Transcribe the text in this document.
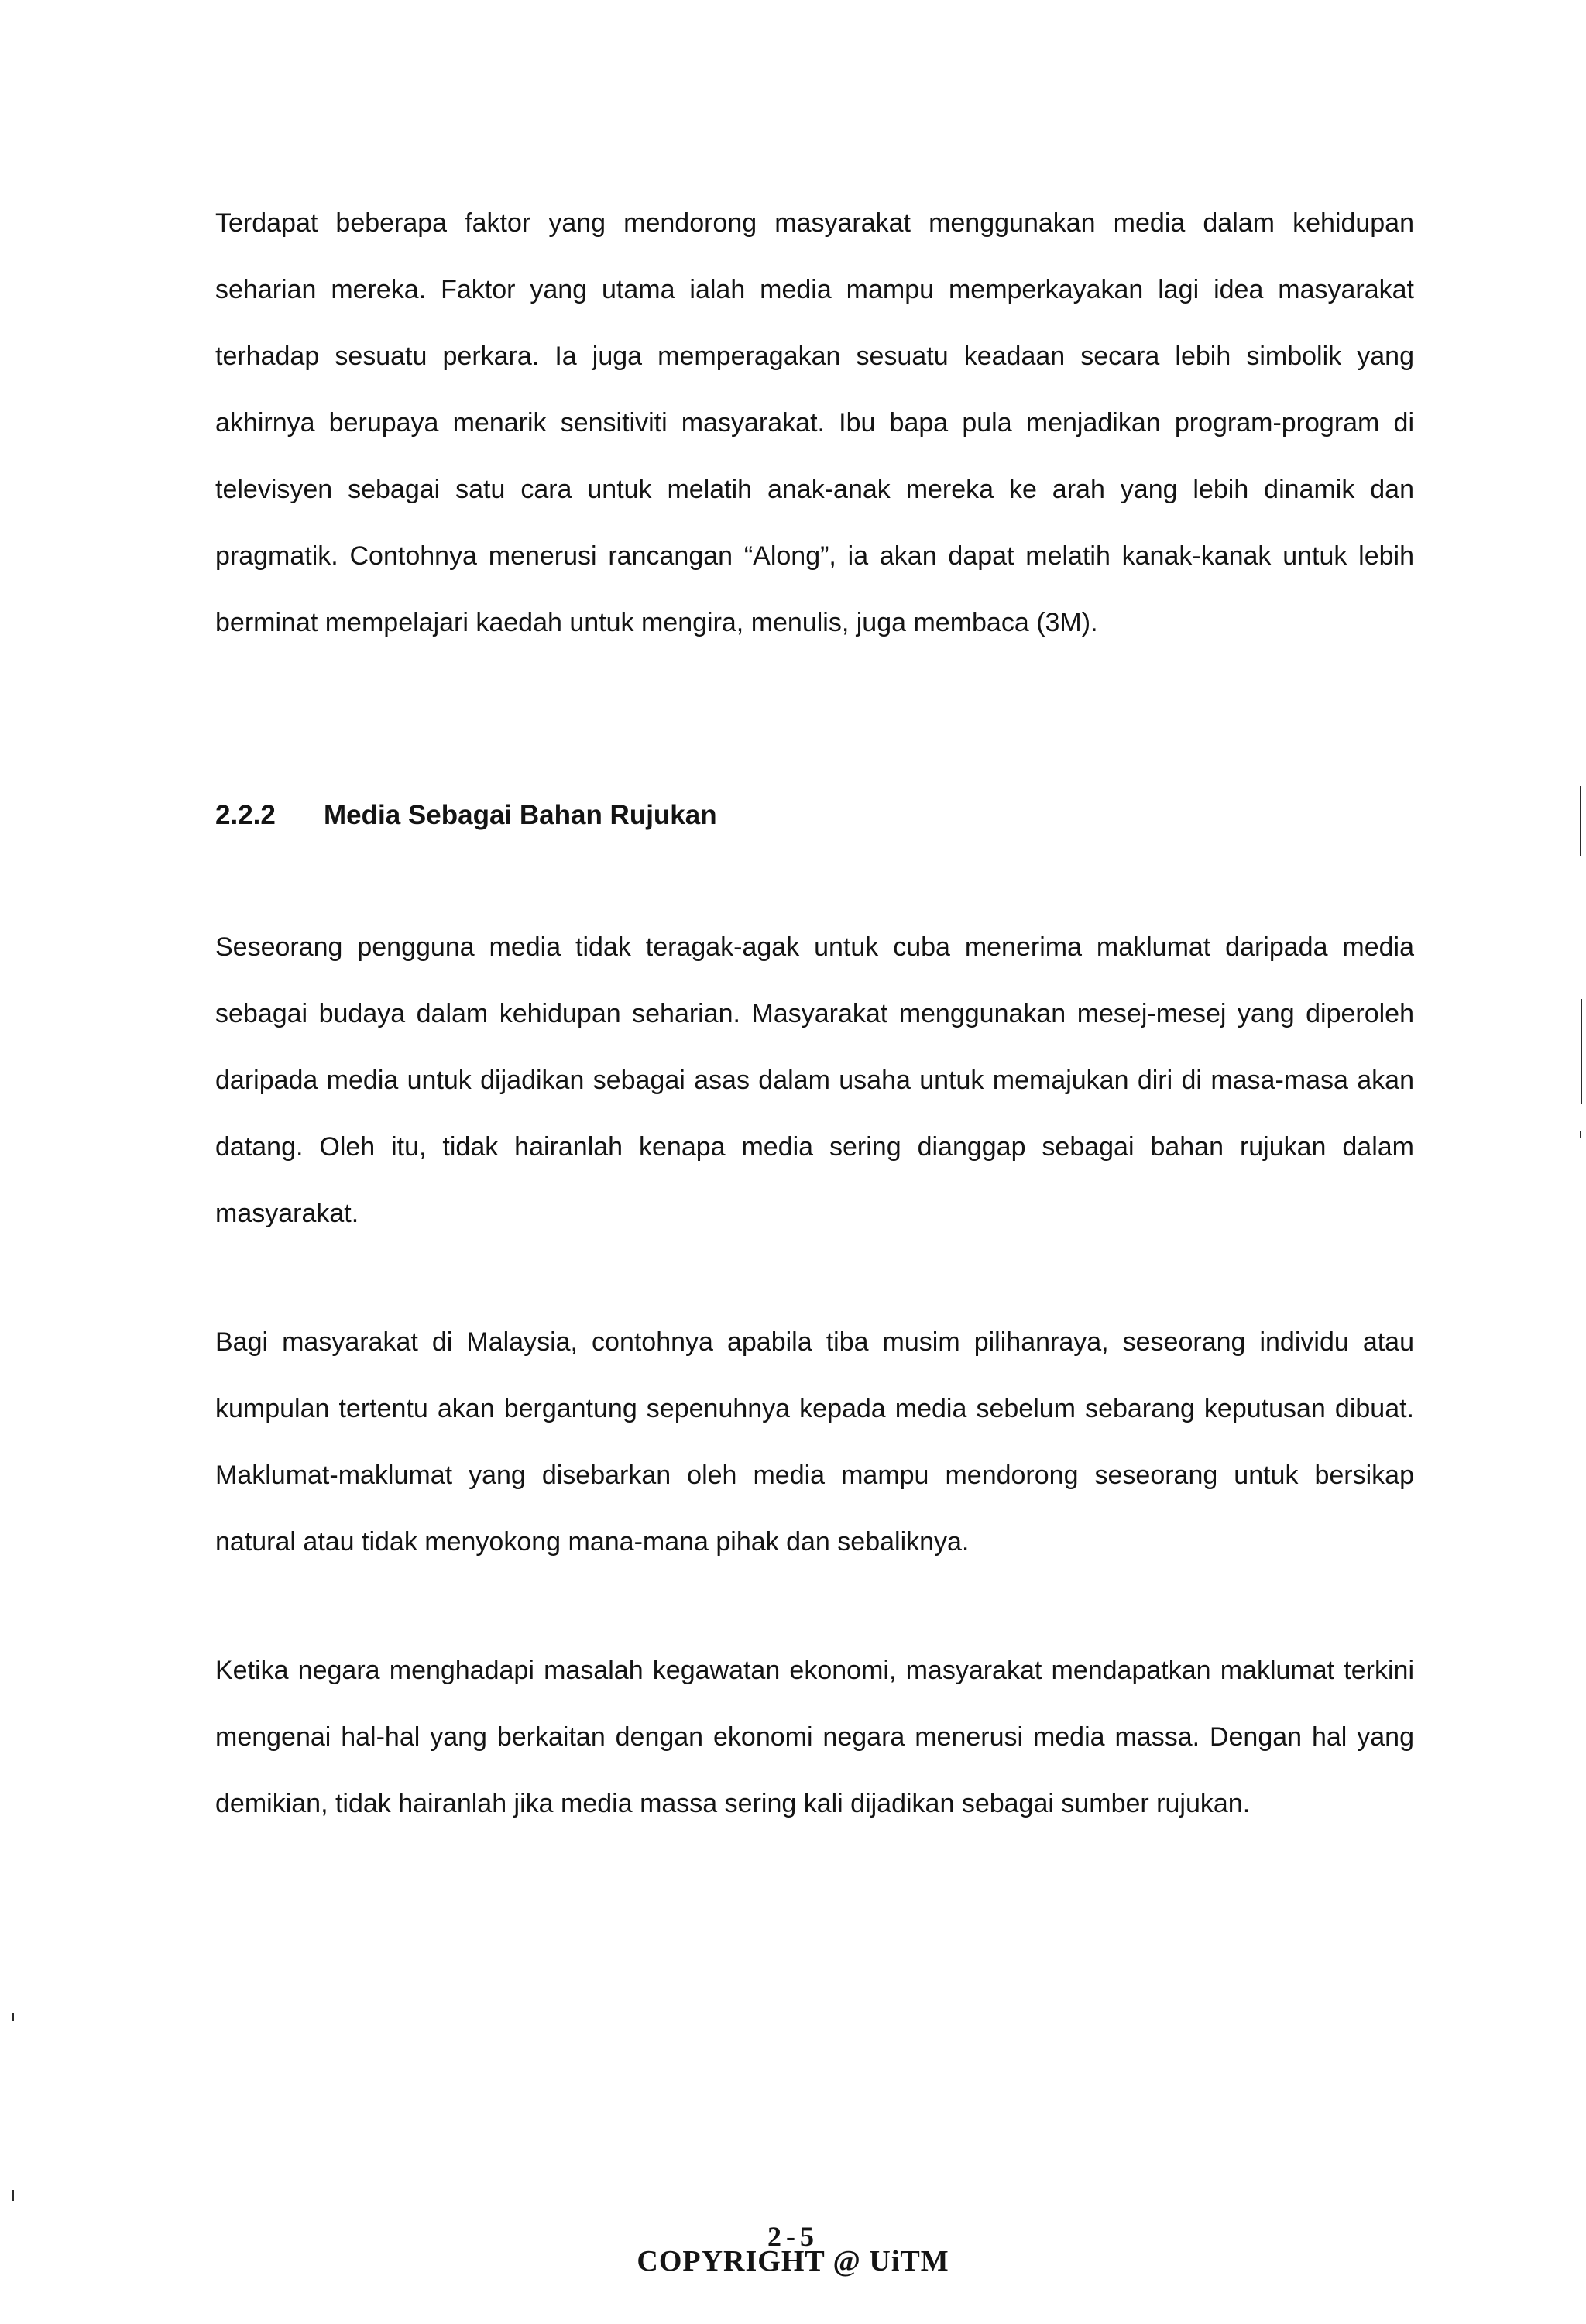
Terdapat beberapa faktor yang mendorong masyarakat menggunakan media dalam kehidupan seharian mereka. Faktor yang utama ialah media mampu memperkayakan lagi idea masyarakat terhadap sesuatu perkara. Ia juga memperagakan sesuatu keadaan secara lebih simbolik yang akhirnya berupaya menarik sensitiviti masyarakat. Ibu bapa pula menjadikan program-program di televisyen sebagai satu cara untuk melatih anak-anak mereka ke arah yang lebih dinamik dan pragmatik. Contohnya menerusi rancangan “Along”, ia akan dapat melatih kanak-kanak untuk lebih berminat mempelajari kaedah untuk mengira, menulis, juga membaca (3M).

2.2.2 Media Sebagai Bahan Rujukan

Seseorang pengguna media tidak teragak-agak untuk cuba menerima maklumat daripada media sebagai budaya dalam kehidupan seharian. Masyarakat menggunakan mesej-mesej yang diperoleh daripada media untuk dijadikan sebagai asas dalam usaha untuk memajukan diri di masa-masa akan datang. Oleh itu, tidak hairanlah kenapa media sering dianggap sebagai bahan rujukan dalam masyarakat.

Bagi masyarakat di Malaysia, contohnya apabila tiba musim pilihanraya, seseorang individu atau kumpulan tertentu akan bergantung sepenuhnya kepada media sebelum sebarang keputusan dibuat. Maklumat-maklumat yang disebarkan oleh media mampu mendorong seseorang untuk bersikap natural atau tidak menyokong mana-mana pihak dan sebaliknya.

Ketika negara menghadapi masalah kegawatan ekonomi, masyarakat mendapatkan maklumat terkini mengenai hal-hal yang berkaitan dengan ekonomi negara menerusi media massa. Dengan hal yang demikian, tidak hairanlah jika media massa sering kali dijadikan sebagai sumber rujukan.

2-5
COPYRIGHT @ UiTM
